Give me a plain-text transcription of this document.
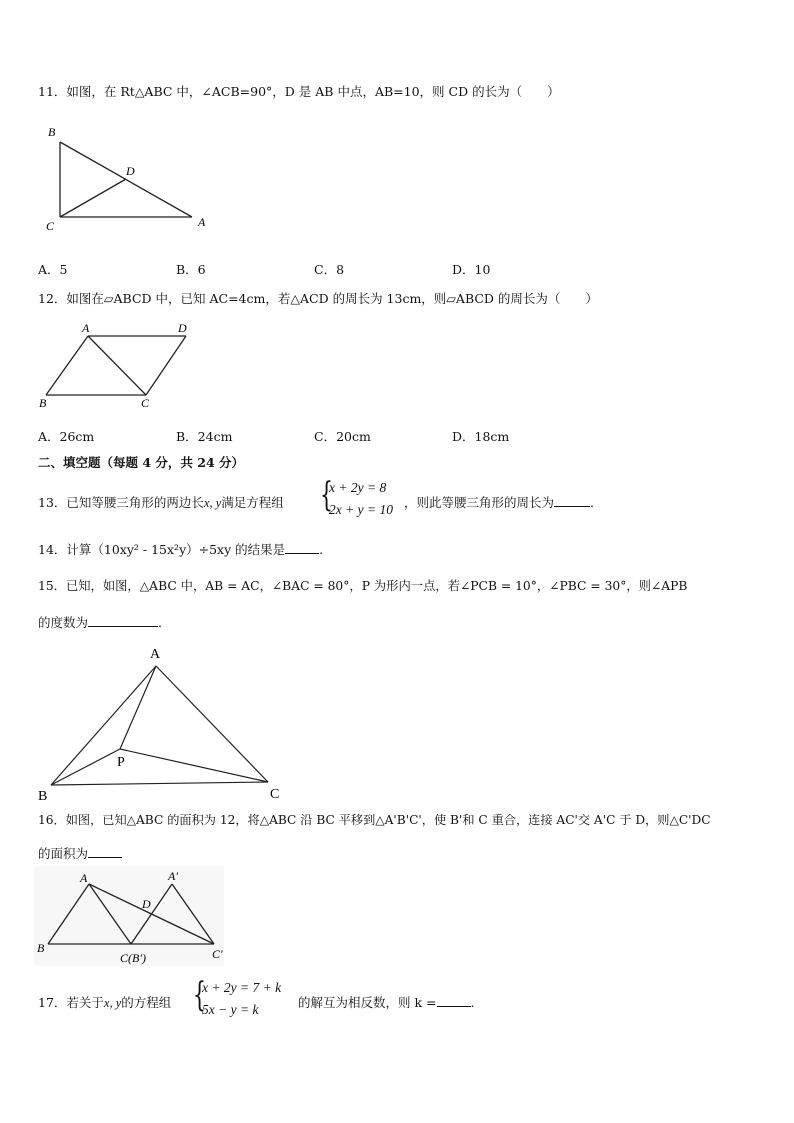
11．如图，在 Rt△ABC 中，∠ACB=90°，D 是 AB 中点，AB=10，则 CD 的长为（　　）
B
C	A
D
A．5	B．6	C．8	D．10
12．如图在▱ABCD 中，已知 AC=4cm，若△ACD 的周长为 13cm，则▱ABCD 的周长为（　　）
A	D
B	C
A．26cm	B．24cm	C．20cm	D．18cm
二、填空题（每题 4 分，共 24 分）
13．已知等腰三角形的两边长x, y满足方程组 {
x + 2y = 8
2x + y = 10 ，则此等腰三角形的周长为	.
14．计算（10xy² - 15x²y）÷5xy 的结果是	.
15．已知，如图，△ABC 中，AB = AC，∠BAC = 80°，P 为形内一点，若∠PCB = 10°，∠PBC = 30°，则∠APB
的度数为	.
A
B	C
P
16．如图，已知△ABC 的面积为 12，将△ABC 沿 BC 平移到△A'B'C'，使 B'和 C 重合，连接 AC'交 A'C 于 D，则△C'DC
的面积为
A	A′
D
B
C(B′)	C′
17．若关于x, y的方程组 {
x + 2y = 7 + k
5x − y = k	的解互为相反数，则 k =	.
